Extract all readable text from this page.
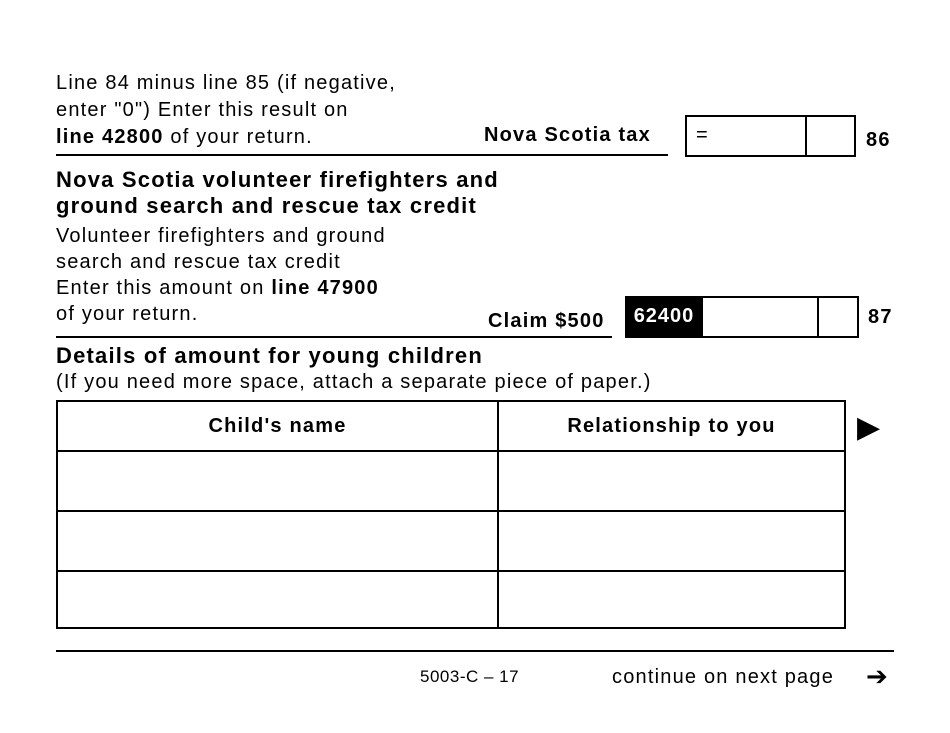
Line 84 minus line 85 (if negative,
enter "0") Enter this result on
line 42800 of your return.	Nova Scotia tax =	86
Nova Scotia volunteer firefighters and
ground search and rescue tax credit
Volunteer firefighters and ground
search and rescue tax credit
Enter this amount on line 47900
of your return.	Claim $500	62400	87
Details of amount for young children
(If you need more space, attach a separate piece of paper.)
Child's name	Relationship to you	▶
5003-C – 17	continue on next page ➔
